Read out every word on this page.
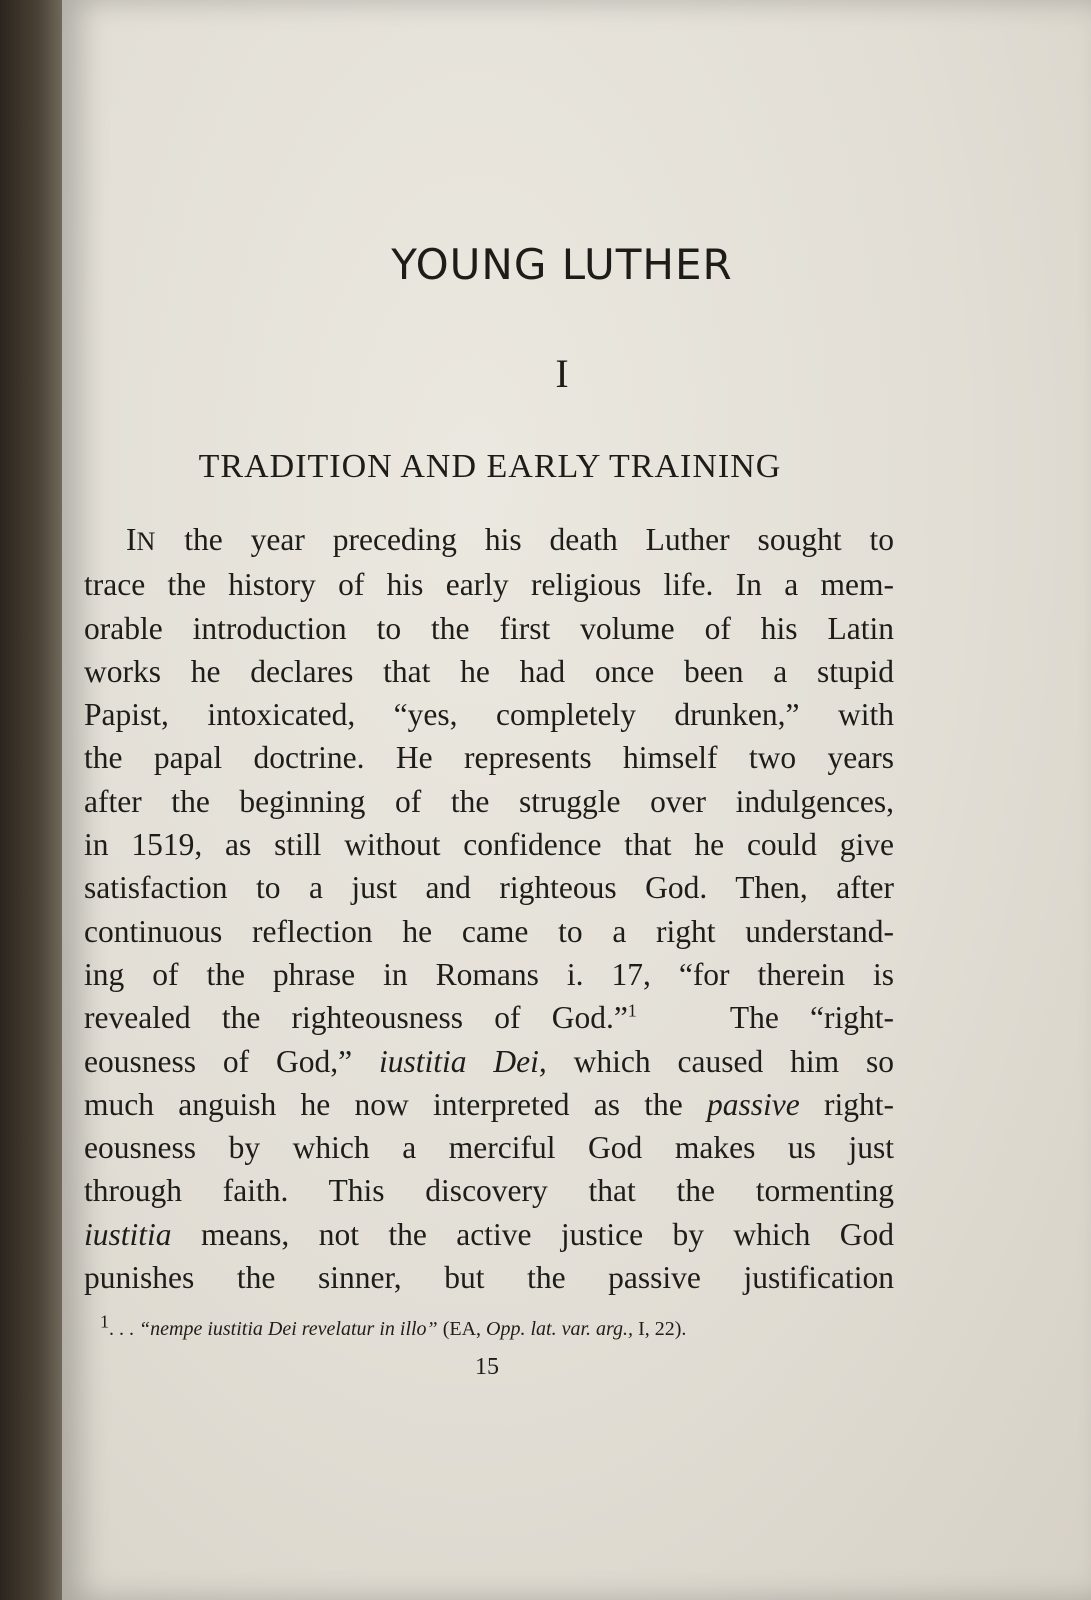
YOUNG LUTHER
I
TRADITION AND EARLY TRAINING
IN the year preceding his death Luther sought to
trace the history of his early religious life. In a mem-
orable introduction to the first volume of his Latin
works he declares that he had once been a stupid
Papist, intoxicated, “yes, completely drunken,” with
the papal doctrine. He represents himself two years
after the beginning of the struggle over indulgences,
in 1519, as still without confidence that he could give
satisfaction to a just and righteous God. Then, after
continuous reflection he came to a right understand-
ing of the phrase in Romans i. 17, “for therein is
revealed the righteousness of God.”$^1$	The “right-
eousness of God,” iustitia Dei, which caused him so
much anguish he now interpreted as the passive right-
eousness by which a merciful God makes us just
through faith. This discovery that the tormenting
iustitia means, not the active justice by which God
punishes the sinner, but the passive justification
$^1$. . . “nempe iustitia Dei revelatur in illo” (EA, Opp. lat. var. arg., I, 22).
15
